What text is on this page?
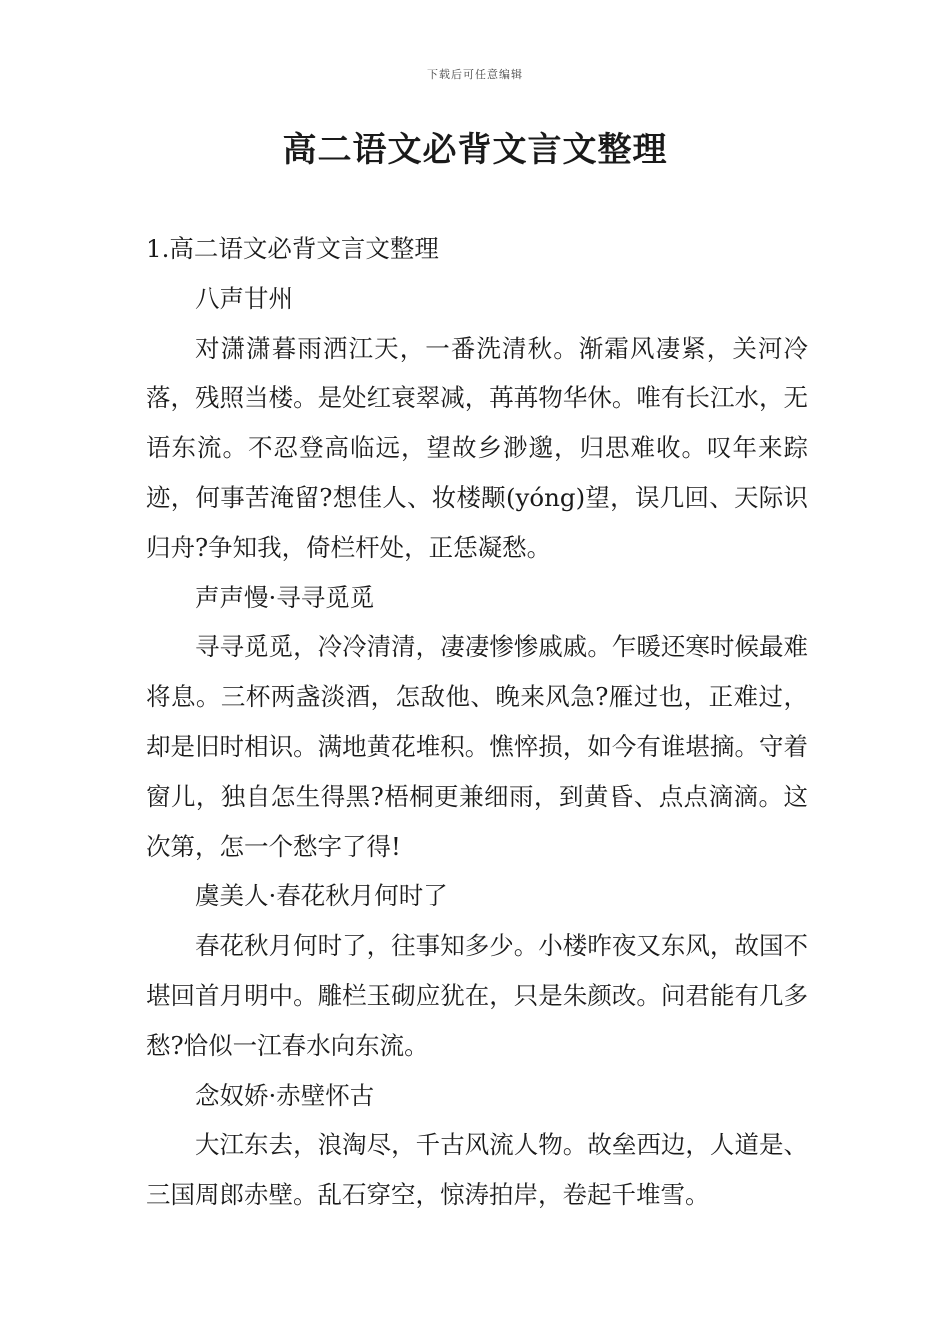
下载后可任意编辑
高二语文必背文言文整理

1.高二语文必背文言文整理

八声甘州

对潇潇暮雨洒江天，一番洗清秋。渐霜风凄紧，关河冷落，残照当楼。是处红衰翠减，苒苒物华休。唯有长江水，无语东流。不忍登高临远，望故乡渺邈，归思难收。叹年来踪迹，何事苦淹留?想佳人、妆楼颙(yóng)望，误几回、天际识归舟?争知我，倚栏杆处，正恁凝愁。

声声慢·寻寻觅觅

寻寻觅觅，冷冷清清，凄凄惨惨戚戚。乍暖还寒时候最难将息。三杯两盏淡酒，怎敌他、晚来风急?雁过也，正难过，却是旧时相识。满地黄花堆积。憔悴损，如今有谁堪摘。守着窗儿，独自怎生得黑?梧桐更兼细雨，到黄昏、点点滴滴。这次第，怎一个愁字了得!

虞美人·春花秋月何时了

春花秋月何时了，往事知多少。小楼昨夜又东风，故国不堪回首月明中。雕栏玉砌应犹在，只是朱颜改。问君能有几多愁?恰似一江春水向东流。

念奴娇·赤壁怀古

大江东去，浪淘尽，千古风流人物。故垒西边，人道是、三国周郎赤壁。乱石穿空，惊涛拍岸，卷起千堆雪。
